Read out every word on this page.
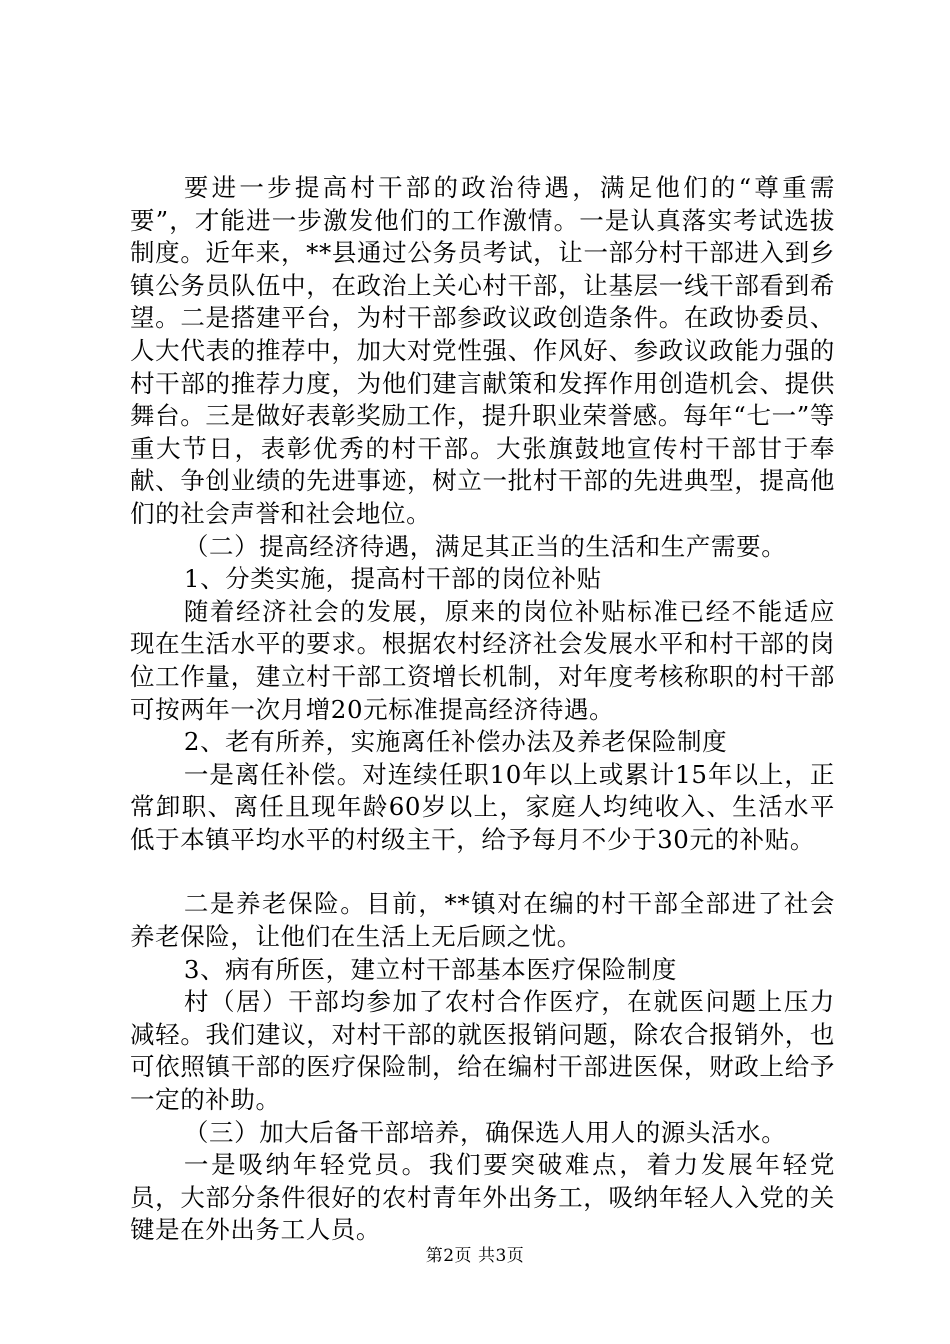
要进一步提高村干部的政治待遇，满足他们的“尊重需要”，才能进一步激发他们的工作激情。一是认真落实考试选拔制度。近年来，**县通过公务员考试，让一部分村干部进入到乡镇公务员队伍中，在政治上关心村干部，让基层一线干部看到希望。二是搭建平台，为村干部参政议政创造条件。在政协委员、人大代表的推荐中，加大对党性强、作风好、参政议政能力强的村干部的推荐力度，为他们建言献策和发挥作用创造机会、提供舞台。三是做好表彰奖励工作，提升职业荣誉感。每年“七一”等重大节日，表彰优秀的村干部。大张旗鼓地宣传村干部甘于奉献、争创业绩的先进事迹，树立一批村干部的先进典型，提高他们的社会声誉和社会地位。

（二）提高经济待遇，满足其正当的生活和生产需要。

1、分类实施，提高村干部的岗位补贴

随着经济社会的发展，原来的岗位补贴标准已经不能适应现在生活水平的要求。根据农村经济社会发展水平和村干部的岗位工作量，建立村干部工资增长机制，对年度考核称职的村干部可按两年一次月增20元标准提高经济待遇。

2、老有所养，实施离任补偿办法及养老保险制度

一是离任补偿。对连续任职10年以上或累计15年以上，正常卸职、离任且现年龄60岁以上，家庭人均纯收入、生活水平低于本镇平均水平的村级主干，给予每月不少于30元的补贴。

二是养老保险。目前，**镇对在编的村干部全部进了社会养老保险，让他们在生活上无后顾之忧。

3、病有所医，建立村干部基本医疗保险制度

村（居）干部均参加了农村合作医疗，在就医问题上压力减轻。我们建议，对村干部的就医报销问题，除农合报销外，也可依照镇干部的医疗保险制，给在编村干部进医保，财政上给予一定的补助。

（三）加大后备干部培养，确保选人用人的源头活水。

一是吸纳年轻党员。我们要突破难点，着力发展年轻党员，大部分条件很好的农村青年外出务工，吸纳年轻人入党的关键是在外出务工人员。

第2页 共3页
